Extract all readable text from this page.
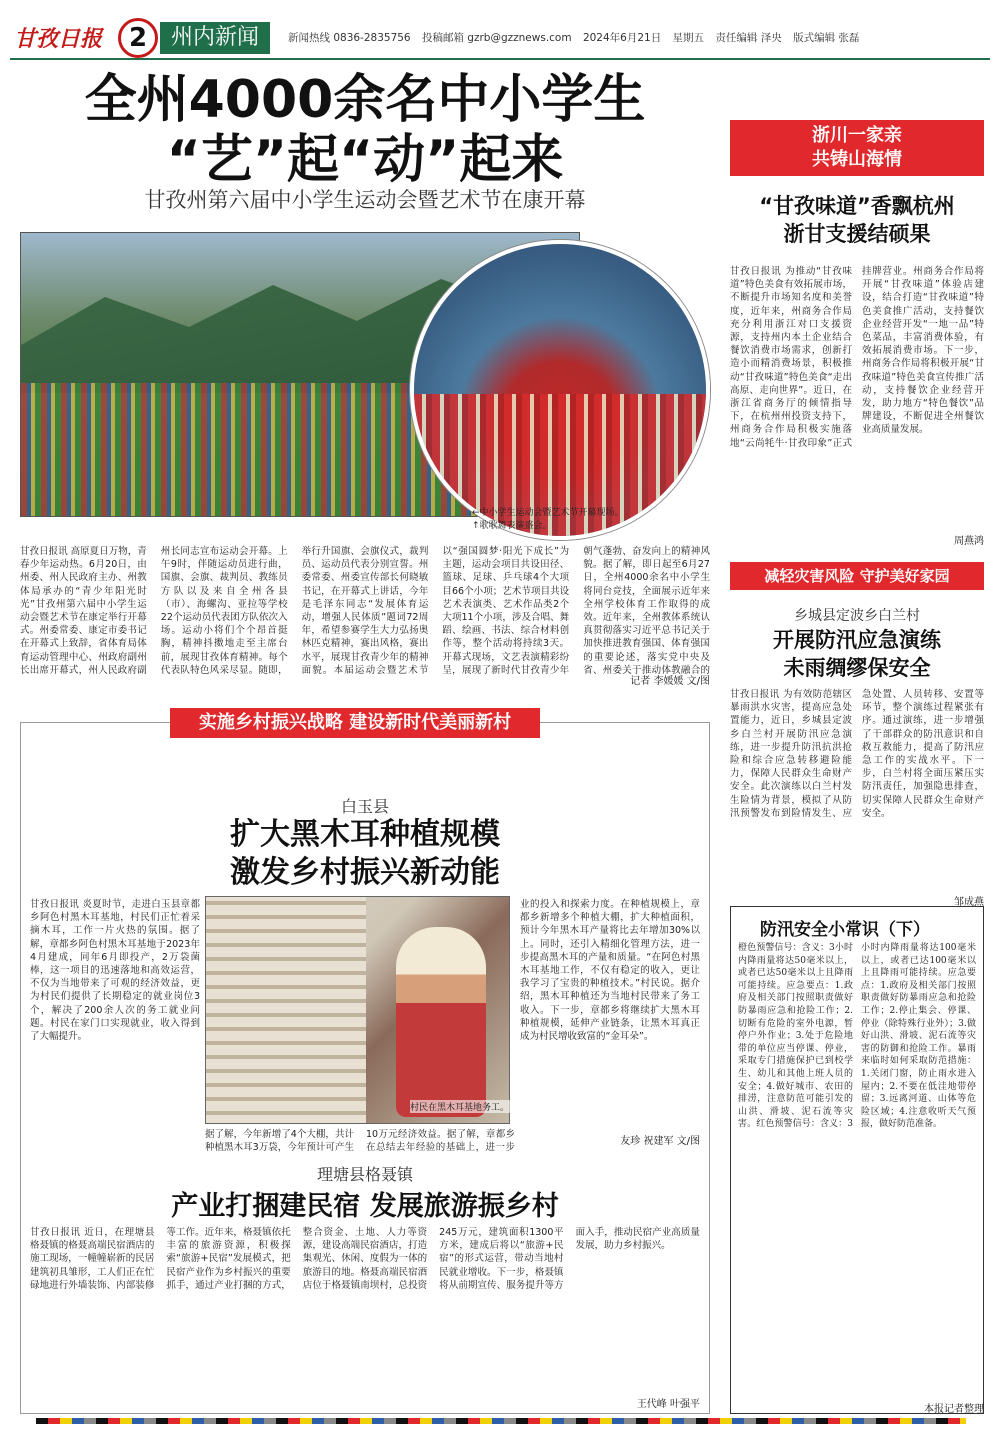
甘孜日报	2	州内新闻	新闻热线 0836-2835756 投稿邮箱 gzrb@gzznews.com 2024年6月21日 星期五 责任编辑 泽央 版式编辑 张磊
全州4000余名中小学生
“艺”起“动”起来
甘孜州第六届中小学生运动会暨艺术节在康开幕
←中小学生运动会暨艺术节开幕现场。
↑歌歌舞表演盛会。
甘孜日报讯 高原夏日万物，青春少年运动热。6月20日，由州委、州人民政府主办、州教体局承办的“青少年阳光时光”甘孜州第六届中小学生运动会暨艺术节在康定举行开幕式。州委常委、康定市委书记在开幕式上致辞，省体育局体育运动管理中心、州政府副州长出席开幕式，州人民政府副州长同志宣布运动会开幕。上午9时，伴随运动员进行曲，国旗、会旗、裁判员、教练员方队以及来自全州各县（市）、海螺沟、亚拉等学校22个运动员代表团方队依次入场。运动小将们个个昂首挺胸，精神抖擞地走至主席台前，展现甘孜体育精神。每个代表队特色风采尽显。随即，举行升国旗、会旗仪式，裁判员、运动员代表分别宣誓。州委常委、州委宣传部长何晓敏书记，在开幕式上讲话，今年是毛泽东同志“发展体育运动，增强人民体质”题词72周年，希望参赛学生大力弘扬奥林匹克精神，赛出风格，赛出水平，展现甘孜青少年的精神面貌。本届运动会暨艺术节以“强国圆梦·阳光下成长”为主题，运动会项目共设田径、篮球、足球、乒乓球4个大项目66个小项；艺术节项目共设艺术表演类、艺术作品类2个大项11个小项，涉及合唱、舞蹈、绘画、书法、综合材料创作等，整个活动将持续3天。开幕式现场，文艺表演精彩纷呈，展现了新时代甘孜青少年朝气蓬勃、奋发向上的精神风貌。据了解，即日起至6月27日，全州4000余名中小学生将同台竞技，全面展示近年来全州学校体育工作取得的成效。近年来，全州教体系统认真贯彻落实习近平总书记关于加快推进教育强国、体育强国的重要论述，落实党中央及省、州委关于推动体教融合的
记者 李媛媛 文/图
浙川一家亲
共铸山海情
“甘孜味道”香飘杭州
浙甘支援结硕果
甘孜日报讯 为推动“甘孜味道”特色美食有效拓展市场，不断提升市场知名度和美誉度，近年来，州商务合作局充分利用浙江对口支援资源，支持州内本土企业结合餐饮消费市场需求，创新打造小而精消费场景，积极推动“甘孜味道”特色美食“走出高原、走向世界”。近日，在浙江省商务厅的倾情指导下，在杭州州投资支持下，州商务合作局积极实施落地“云尚牦牛·甘孜印象”正式挂牌营业。州商务合作局将开展“甘孜味道”体验店建设，结合打造“甘孜味道”特色美食推广活动，支持餐饮企业经营开发“一地一品”特色菜品，丰富消费体验，有效拓展消费市场。下一步，州商务合作局将积极开展“甘孜味道”特色美食宣传推广活动，支持餐饮企业经营开发，助力地方“特色餐饮”品牌建设，不断促进全州餐饮业高质量发展。
周燕鸿
减轻灾害风险 守护美好家园
乡城县定波乡白兰村
开展防汛应急演练
未雨绸缪保安全
甘孜日报讯 为有效防范辖区暴雨洪水灾害，提高应急处置能力，近日，乡城县定波乡白兰村开展防汛应急演练，进一步提升防汛抗洪抢险和综合应急转移避险能力，保障人民群众生命财产安全。此次演练以白兰村发生险情为背景，模拟了从防汛预警发布到险情发生、应急处置、人员转移、安置等环节，整个演练过程紧张有序。通过演练，进一步增强了干部群众的防汛意识和自救互救能力，提高了防汛应急工作的实战水平。下一步，白兰村将全面压紧压实防汛责任，加强隐患排查，切实保障人民群众生命财产安全。
邹成燕
实施乡村振兴战略 建设新时代美丽新村
白玉县
扩大黑木耳种植规模
激发乡村振兴新动能
甘孜日报讯 炎夏时节，走进白玉县章都乡阿色村黑木耳基地，村民们正忙着采摘木耳，工作一片火热的氛围。据了解，章都乡阿色村黑木耳基地于2023年4月建成，同年6月即投产，2万袋菌棒，这一项目的迅速落地和高效运营，不仅为当地带来了可观的经济效益，更为村民们提供了长期稳定的就业岗位3个，解决了200余人次的务工就业问题。村民在家门口实现就业，收入得到了大幅提升。
村民在黑木耳基地务工。
业的投入和探索力度。在种植规模上，章都乡新增多个种植大棚，扩大种植面积，预计今年黑木耳产量将比去年增加30%以上。同时，还引入精细化管理方法，进一步提高黑木耳的产量和质量。“在阿色村黑木耳基地工作，不仅有稳定的收入，更让我学习了宝贵的种植技术。”村民说。据介绍，黑木耳种植还为当地村民带来了务工收入。下一步，章都乡将继续扩大黑木耳种植规模，延伸产业链条，让黑木耳真正成为村民增收致富的“金耳朵”。
据了解，今年新增了4个大棚，共计种植黑木耳3万袋，今年预计可产生10万元经济效益。据了解，章都乡在总结去年经验的基础上，进一步
友珍 祝建军 文/图
理塘县格聂镇
产业打捆建民宿 发展旅游振乡村
甘孜日报讯 近日，在理塘县格聂镇的格聂高端民宿酒店的施工现场，一幢幢崭新的民居建筑初具雏形，工人们正在忙碌地进行外墙装饰、内部装修等工作。近年来，格聂镇依托丰富的旅游资源，积极探索“旅游+民宿”发展模式，把民宿产业作为乡村振兴的重要抓手，通过产业打捆的方式，整合资金、土地、人力等资源，建设高端民宿酒店，打造集观光、休闲、度假为一体的旅游目的地。格聂高端民宿酒店位于格聂镇南坝村，总投资245万元，建筑面积1300平方米，建成后将以“旅游+民宿”的形式运营，带动当地村民就业增收。下一步，格聂镇将从前期宣传、服务提升等方面入手，推动民宿产业高质量发展，助力乡村振兴。
王代峰 叶强平
防汛安全小常识（下）
橙色预警信号：含义：3小时内降雨量将达50毫米以上，或者已达50毫米以上且降雨可能持续。应急要点：1.政府及相关部门按照职责做好防暴雨应急和抢险工作；2.切断有危险的室外电源，暂停户外作业；3.处于危险地带的单位应当停课、停业，采取专门措施保护已到校学生、幼儿和其他上班人员的安全；4.做好城市、农田的排涝，注意防范可能引发的山洪、滑坡、泥石流等灾害。红色预警信号：含义：3小时内降雨量将达100毫米以上，或者已达100毫米以上且降雨可能持续。应急要点：1.政府及相关部门按照职责做好防暴雨应急和抢险工作；2.停止集会、停课、停业（除特殊行业外）；3.做好山洪、滑坡、泥石流等灾害的防御和抢险工作。暴雨来临时如何采取防范措施：1.关闭门窗，防止雨水进入屋内；2.不要在低洼地带停留；3.远离河道、山体等危险区域；4.注意收听天气预报，做好防范准备。
本报记者整理
